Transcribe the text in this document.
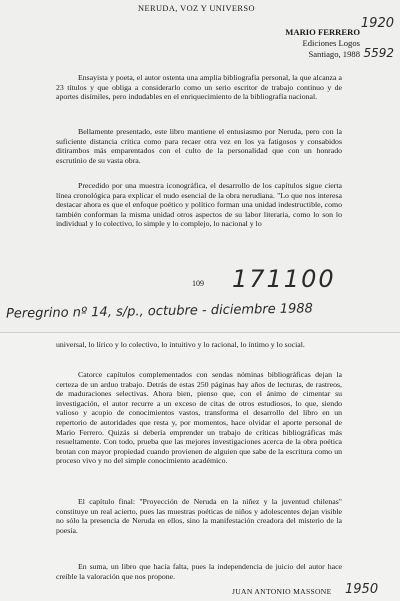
NERUDA, VOZ Y UNIVERSO
MARIO FERRERO
Ediciones Logos
Santiago, 1988
1920
5592

Ensayista y poeta, el autor ostenta una amplia bibliografía personal, la que alcanza a 23 títulos y que obliga a considerarlo como un serio escritor de trabajo continuo y de aportes disímiles, pero indudables en el enriquecimiento de la bibliografía nacional.

Bellamente presentado, este libro mantiene el entusiasmo por Neruda, pero con la suficiente distancia crítica como para recaer otra vez en los ya fatigosos y consabidos ditirambos más emparentados con el culto de la personalidad que con un honrado escrutinio de su vasta obra.

Precedido por una muestra iconográfica, el desarrollo de los capítulos sigue cierta línea cronológica para explicar el nudo esencial de la obra nerudiana. "Lo que nos interesa destacar ahora es que el enfoque poético y político forman una unidad indestructible, como también conforman la misma unidad otros aspectos de su labor literaria, como lo son lo individual y lo colectivo, lo simple y lo complejo, lo nacional y lo

109 171100
Peregrino nº 14, s/p., octubre - diciembre 1988

universal, lo lírico y lo colectivo, lo intuitivo y lo racional, lo íntimo y lo social.

Catorce capítulos complementados con sendas nóminas bibliográficas dejan la certeza de un arduo trabajo. Detrás de estas 250 páginas hay años de lecturas, de rastreos, de maduraciones selectivas. Ahora bien, pienso que, con el ánimo de cimentar su investigación, el autor recurre a un exceso de citas de otros estudiosos, lo que, siendo valioso y acopio de conocimientos vastos, transforma el desarrollo del libro en un repertorio de autoridades que resta y, por momentos, hace olvidar el aporte personal de Mario Ferrero. Quizás si debería emprender un trabajo de críticas bibliográficas más resueltamente. Con todo, prueba que las mejores investigaciones acerca de la obra poética brotan con mayor propiedad cuando provienen de alguien que sabe de la escritura como un proceso vivo y no del simple conocimiento académico.

El capítulo final: "Proyección de Neruda en la niñez y la juventud chilenas" constituye un real acierto, pues las muestras poéticas de niños y adolescentes dejan visible no sólo la presencia de Neruda en ellos, sino la manifestación creadora del misterio de la poesía.

En suma, un libro que hacía falta, pues la independencia de juicio del autor hace creíble la valoración que nos propone.

JUAN ANTONIO MASSONE 1950
